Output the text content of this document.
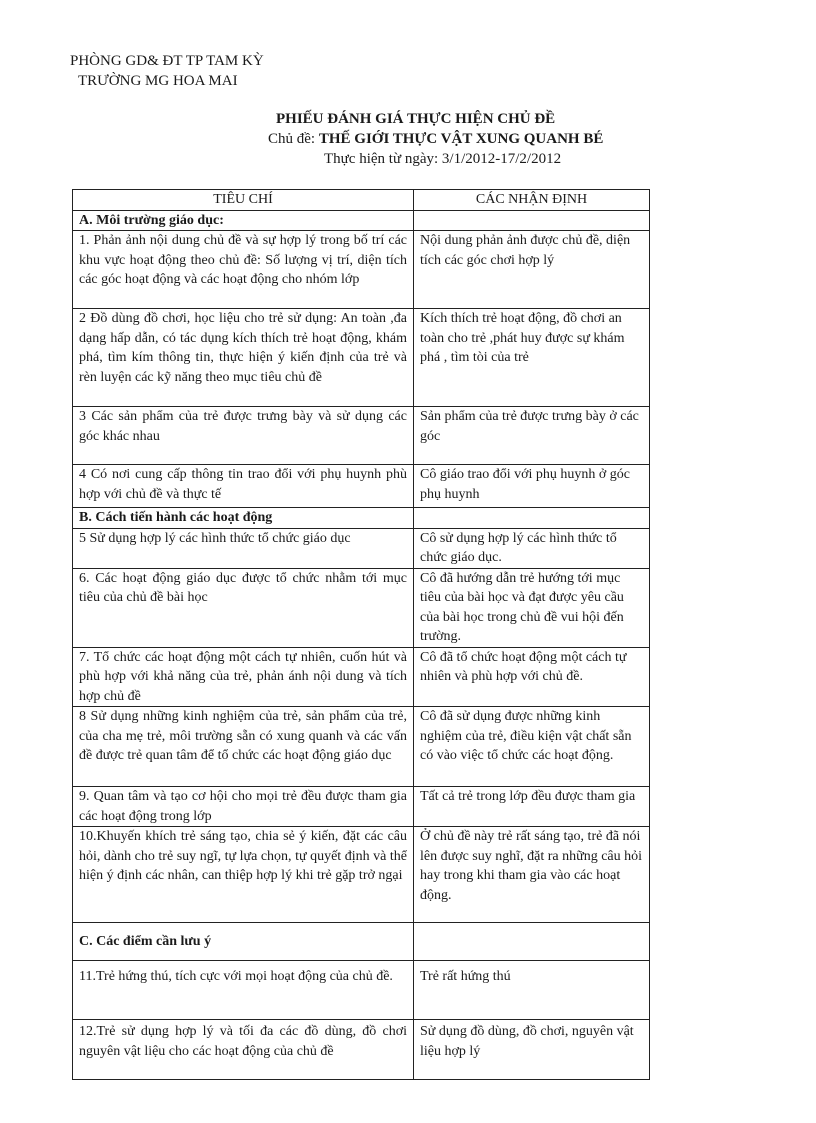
PHÒNG GD& ĐT TP TAM KỲ
TRƯỜNG MG HOA MAI
PHIẾU ĐÁNH GIÁ THỰC HIỆN CHỦ ĐỀ
Chủ đề: THẾ GIỚI THỰC VẬT XUNG QUANH BÉ
Thực hiện từ ngày: 3/1/2012-17/2/2012
TIÊU CHÍ	CÁC NHẬN ĐỊNH
A. Môi trường giáo dục:	
1. Phản ảnh nội dung chủ đề và sự hợp lý trong bố trí các khu vực hoạt động theo chủ đề: Số lượng vị trí, diện tích các góc hoạt động và các hoạt động cho nhóm lớp	Nội dung phản ảnh được chủ đề, diện tích các góc chơi hợp lý
2 Đồ dùng đồ chơi, học liệu cho trẻ sử dụng: An toàn ,đa dạng hấp dẫn, có tác dụng kích thích trẻ hoạt động, khám phá, tìm kím thông tin, thực hiện ý kiến định của trẻ và rèn luyện các kỹ năng theo mục tiêu chủ đề	Kích thích trẻ hoạt động, đồ chơi an toàn cho trẻ ,phát huy được sự khám phá , tìm tòi của trẻ
3 Các sản phẩm của trẻ được trưng bày và sử dụng các góc khác nhau	Sản phẩm của trẻ được trưng bày ở các góc
4 Có nơi cung cấp thông tin trao đổi với phụ huynh phù hợp với chủ đề và thực tế	Cô giáo trao đổi với phụ huynh ở góc phụ huynh
B. Cách tiến hành các hoạt động	
5 Sử dụng hợp lý các hình thức tổ chức giáo dục	Cô sử dụng hợp lý các hình thức tổ chức giáo dục.
6. Các hoạt động giáo dục được tổ chức nhằm tới mục tiêu của chủ đề bài học	Cô đã hướng dẫn trẻ hướng tới mục tiêu của bài học và đạt được yêu cầu của bài học trong chủ đề vui hội đến trường.
7. Tổ chức các hoạt động một cách tự nhiên, cuốn hút và phù hợp với khả năng của trẻ, phản ánh nội dung và tích hợp chủ đề	Cô đã tổ chức hoạt động một cách tự nhiên và phù hợp với chủ đề.
8 Sử dụng những kinh nghiệm của trẻ, sản phẩm của trẻ, của cha mẹ trẻ, môi trường sẵn có xung quanh và các vấn đề được trẻ quan tâm để tổ chức các hoạt động giáo dục	Cô đã sử dụng được những kinh nghiệm của trẻ, điều kiện vật chất sẵn có vào việc tổ chức các hoạt động.
9. Quan tâm và tạo cơ hội cho mọi trẻ đều được tham gia các hoạt động trong lớp	Tất cả trẻ trong lớp đều được tham gia
10.Khuyến khích trẻ sáng tạo, chia sẻ ý kiến, đặt các câu hỏi, dành cho trẻ suy ngĩ, tự lựa chọn, tự quyết định và thể hiện ý định các nhân, can thiệp hợp lý khi trẻ gặp trở ngại	Ở chủ đề này trẻ rất sáng tạo, trẻ đã nói lên được suy nghĩ, đặt ra những câu hỏi hay trong khi tham gia vào các hoạt động.
C. Các điểm cần lưu ý	
11.Trẻ hứng thú, tích cực với mọi hoạt động của chủ đề.	Trẻ rất hứng thú
12.Trẻ sử dụng hợp lý và tối đa các đồ dùng, đồ chơi nguyên vật liệu cho các hoạt động của chủ đề	Sử dụng đồ dùng, đồ chơi, nguyên vật liệu hợp lý
